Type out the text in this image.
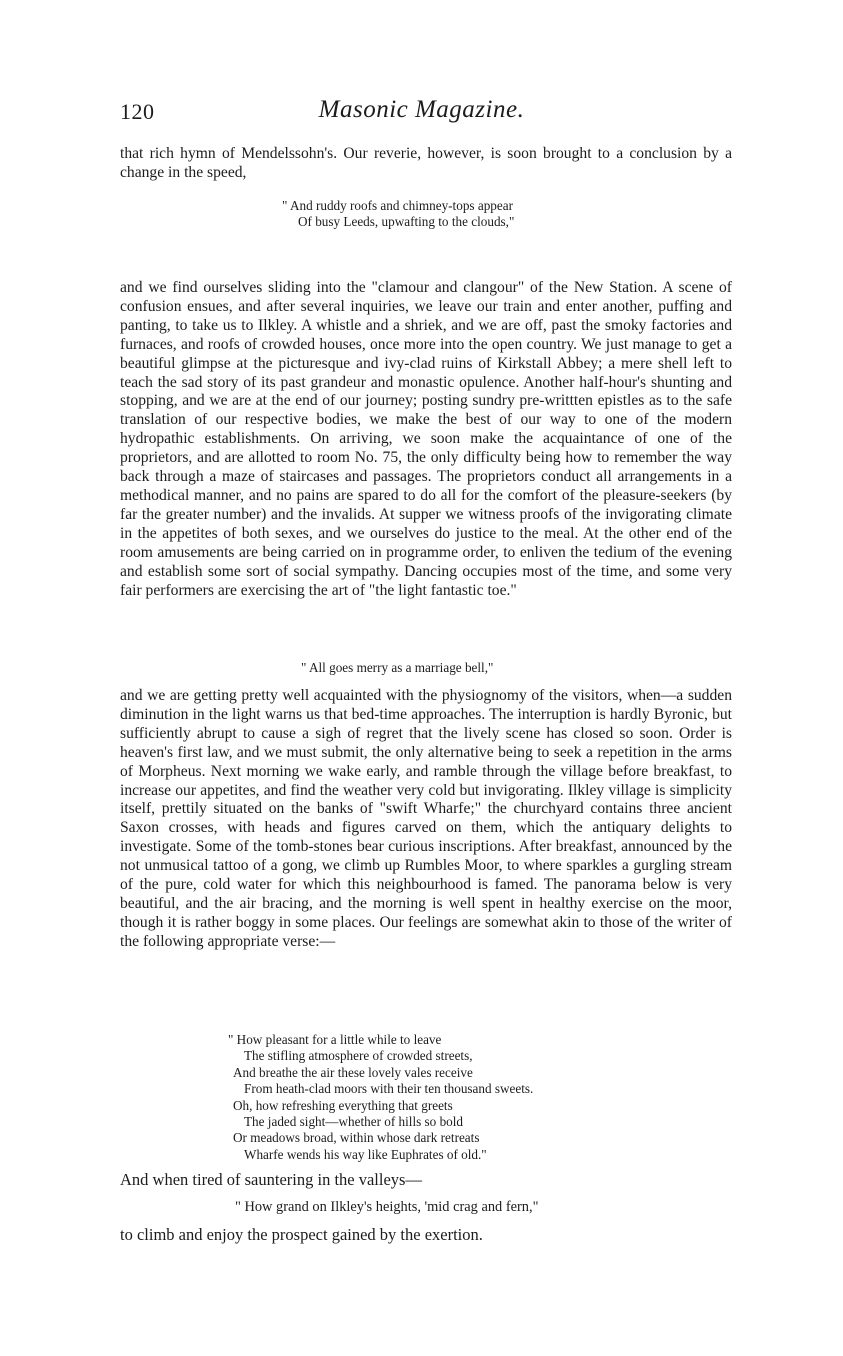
120	Masonic Magazine.

that rich hymn of Mendelssohn's. Our reverie, however, is soon brought to a conclusion by a change in the speed,

" And ruddy roofs and chimney-tops appear
Of busy Leeds, upwafting to the clouds,"

and we find ourselves sliding into the "clamour and clangour" of the New Station. A scene of confusion ensues, and after several inquiries, we leave our train and enter another, puffing and panting, to take us to Ilkley. A whistle and a shriek, and we are off, past the smoky factories and furnaces, and roofs of crowded houses, once more into the open country. We just manage to get a beautiful glimpse at the picturesque and ivy-clad ruins of Kirkstall Abbey; a mere shell left to teach the sad story of its past grandeur and monastic opulence. Another half-hour's shunting and stopping, and we are at the end of our journey; posting sundry pre-writtten epistles as to the safe translation of our respective bodies, we make the best of our way to one of the modern hydropathic establishments. On arriving, we soon make the acquaintance of one of the proprietors, and are allotted to room No. 75, the only difficulty being how to remember the way back through a maze of staircases and passages. The proprietors conduct all arrangements in a methodical manner, and no pains are spared to do all for the comfort of the pleasure-seekers (by far the greater number) and the invalids. At supper we witness proofs of the invigorating climate in the appetites of both sexes, and we ourselves do justice to the meal. At the other end of the room amusements are being carried on in programme order, to enliven the tedium of the evening and establish some sort of social sympathy. Dancing occupies most of the time, and some very fair performers are exercising the art of "the light fantastic toe."

" All goes merry as a marriage bell,"

and we are getting pretty well acquainted with the physiognomy of the visitors, when—a sudden diminution in the light warns us that bed-time approaches. The interruption is hardly Byronic, but sufficiently abrupt to cause a sigh of regret that the lively scene has closed so soon. Order is heaven's first law, and we must submit, the only alternative being to seek a repetition in the arms of Morpheus. Next morning we wake early, and ramble through the village before breakfast, to increase our appetites, and find the weather very cold but invigorating. Ilkley village is simplicity itself, prettily situated on the banks of "swift Wharfe;" the churchyard contains three ancient Saxon crosses, with heads and figures carved on them, which the antiquary delights to investigate. Some of the tomb-stones bear curious inscriptions. After breakfast, announced by the not unmusical tattoo of a gong, we climb up Rumbles Moor, to where sparkles a gurgling stream of the pure, cold water for which this neighbourhood is famed. The panorama below is very beautiful, and the air bracing, and the morning is well spent in healthy exercise on the moor, though it is rather boggy in some places. Our feelings are somewhat akin to those of the writer of the following appropriate verse:—

" How pleasant for a little while to leave
The stifling atmosphere of crowded streets,
And breathe the air these lovely vales receive
From heath-clad moors with their ten thousand sweets.
Oh, how refreshing everything that greets
The jaded sight—whether of hills so bold
Or meadows broad, within whose dark retreats
Wharfe wends his way like Euphrates of old."

And when tired of sauntering in the valleys—

" How grand on Ilkley's heights, 'mid crag and fern,"

to climb and enjoy the prospect gained by the exertion.
